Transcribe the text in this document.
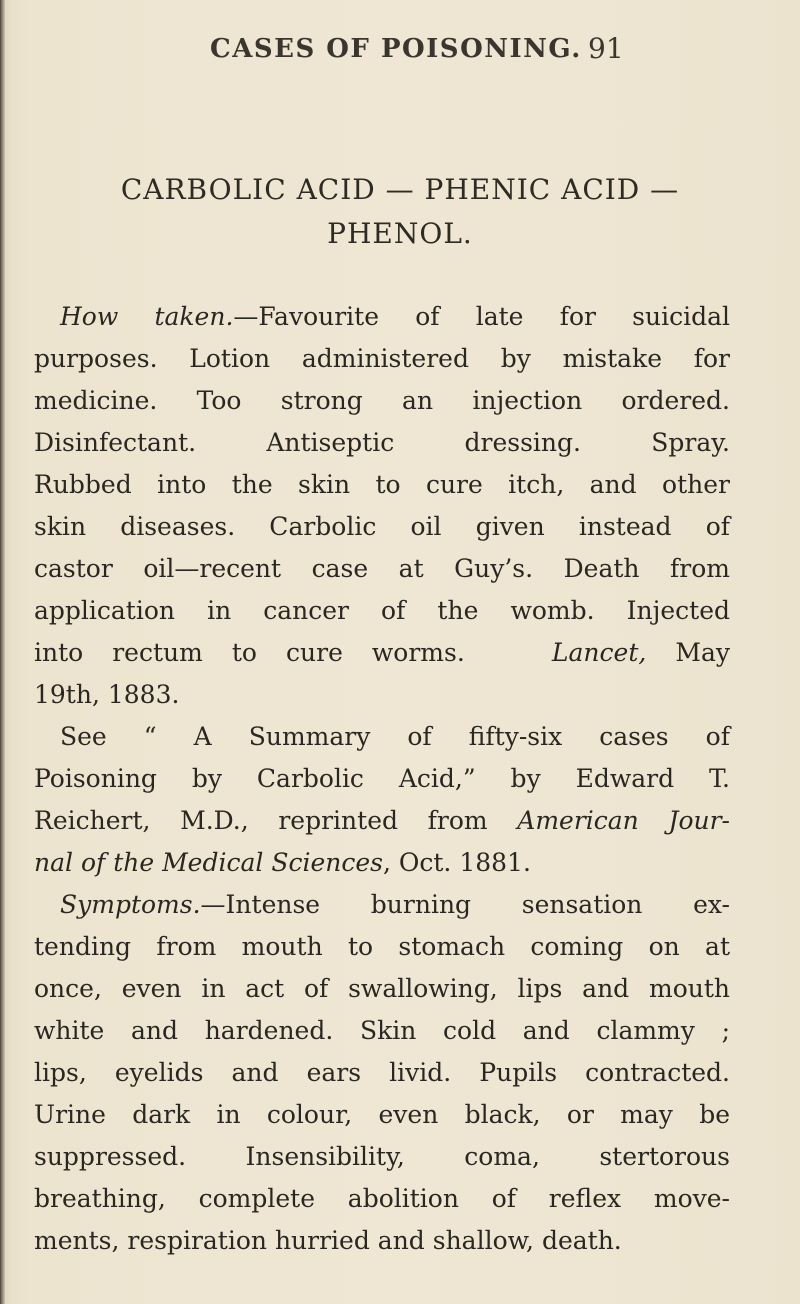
CASES OF POISONING. 91
CARBOLIC ACID — PHENIC ACID —
PHENOL.
How taken.—Favourite of late for suicidal
purposes. Lotion administered by mistake for
medicine. Too strong an injection ordered.
Disinfectant. Antiseptic dressing. Spray.
Rubbed into the skin to cure itch, and other
skin diseases. Carbolic oil given instead of
castor oil—recent case at Guy’s. Death from
application in cancer of the womb. Injected
into rectum to cure worms.	Lancet, May
19th, 1883.
See “ A Summary of fifty-six cases of
Poisoning by Carbolic Acid,” by Edward T.
Reichert, M.D., reprinted from American Jour-
nal of the Medical Sciences, Oct. 1881.
Symptoms.—Intense burning sensation ex-
tending from mouth to stomach coming on at
once, even in act of swallowing, lips and mouth
white and hardened. Skin cold and clammy ;
lips, eyelids and ears livid. Pupils contracted.
Urine dark in colour, even black, or may be
suppressed. Insensibility, coma, stertorous
breathing, complete abolition of reflex move-
ments, respiration hurried and shallow, death.
